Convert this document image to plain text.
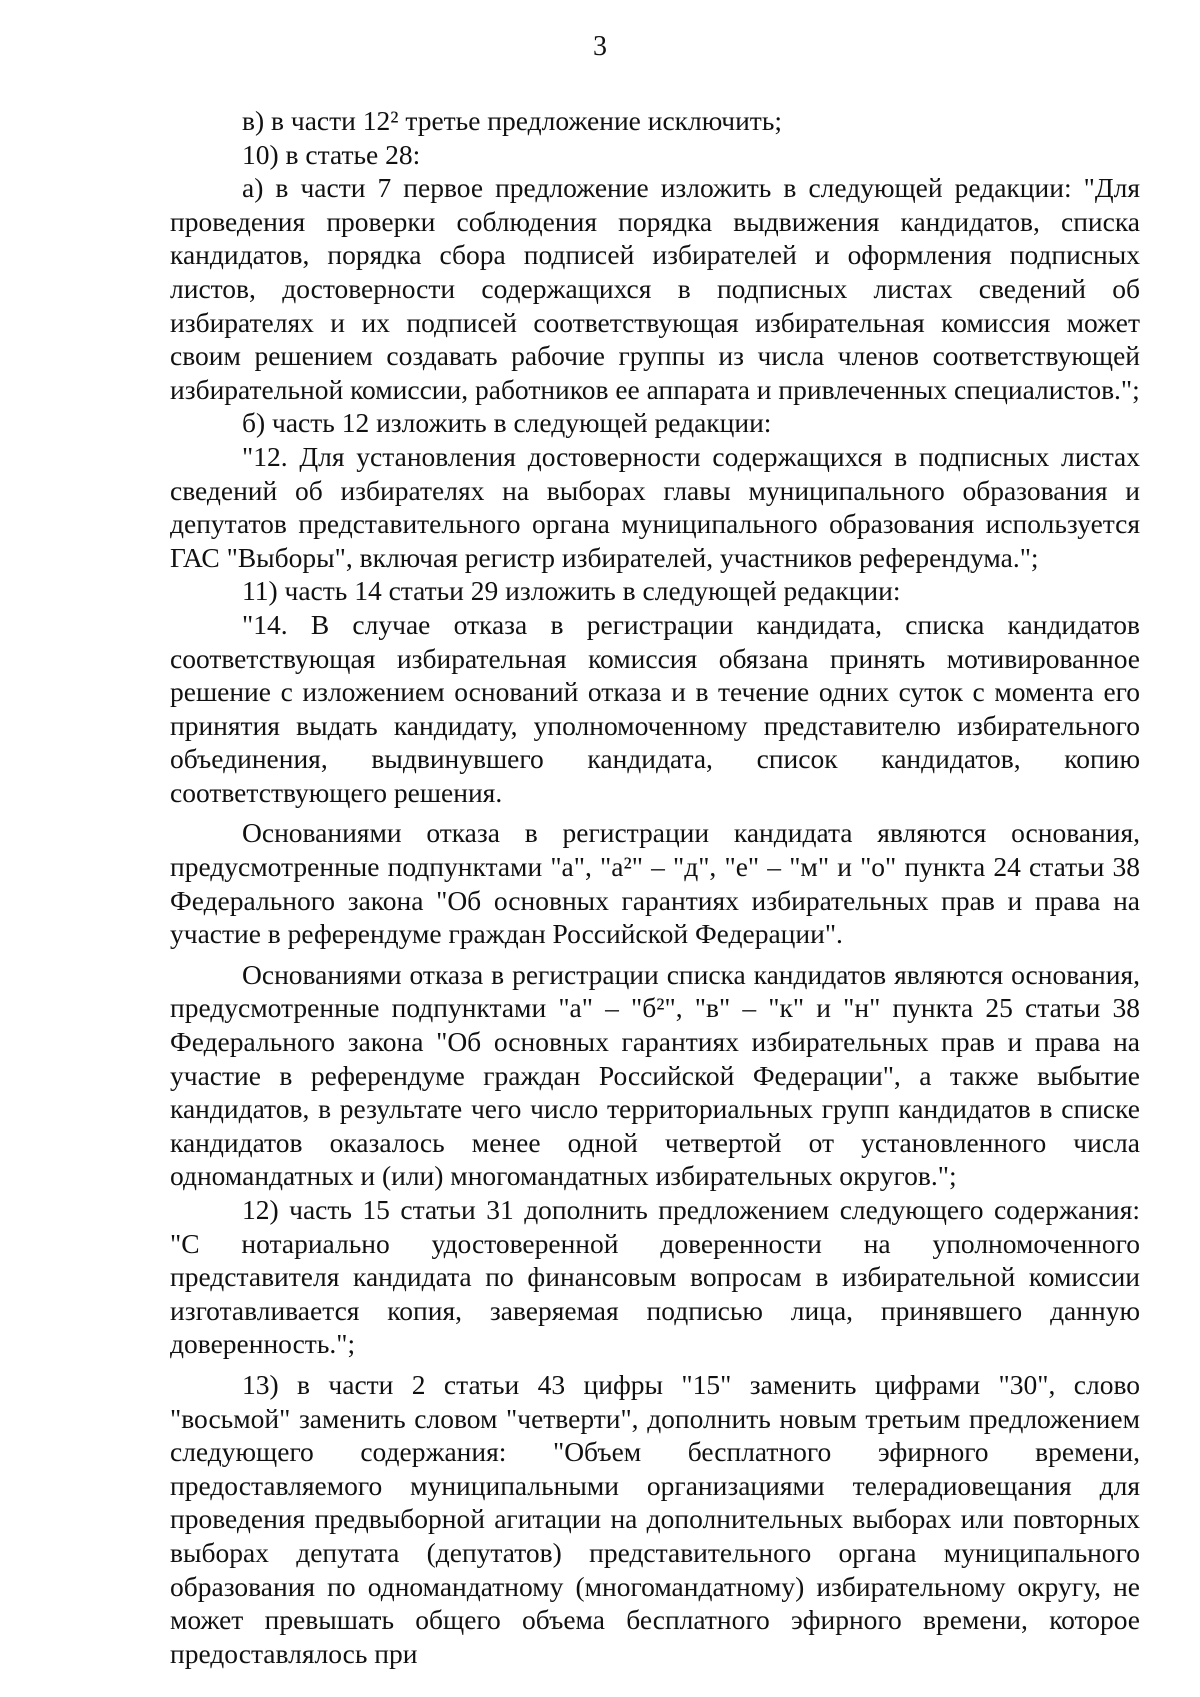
3

в) в части 12² третье предложение исключить;

10) в статье 28:

а) в части 7 первое предложение изложить в следующей редакции: "Для проведения проверки соблюдения порядка выдвижения кандидатов, списка кандидатов, порядка сбора подписей избирателей и оформления подписных листов, достоверности содержащихся в подписных листах сведений об избирателях и их подписей соответствующая избирательная комиссия может своим решением создавать рабочие группы из числа членов соответствующей избирательной комиссии, работников ее аппарата и привлеченных специалистов.";

б) часть 12 изложить в следующей редакции:

"12. Для установления достоверности содержащихся в подписных листах сведений об избирателях на выборах главы муниципального образования и депутатов представительного органа муниципального образования используется ГАС "Выборы", включая регистр избирателей, участников референдума.";

11) часть 14 статьи 29 изложить в следующей редакции:

"14. В случае отказа в регистрации кандидата, списка кандидатов соответствующая избирательная комиссия обязана принять мотивированное решение с изложением оснований отказа и в течение одних суток с момента его принятия выдать кандидату, уполномоченному представителю избирательного объединения, выдвинувшего кандидата, список кандидатов, копию соответствующего решения.

Основаниями отказа в регистрации кандидата являются основания, предусмотренные подпунктами "а", "а²" – "д", "е" – "м" и "о" пункта 24 статьи 38 Федерального закона "Об основных гарантиях избирательных прав и права на участие в референдуме граждан Российской Федерации".

Основаниями отказа в регистрации списка кандидатов являются основания, предусмотренные подпунктами "а" – "б²", "в" – "к" и "н" пункта 25 статьи 38 Федерального закона "Об основных гарантиях избирательных прав и права на участие в референдуме граждан Российской Федерации", а также выбытие кандидатов, в результате чего число территориальных групп кандидатов в списке кандидатов оказалось менее одной четвертой от установленного числа одномандатных и (или) многомандатных избирательных округов.";

12) часть 15 статьи 31 дополнить предложением следующего содержания: "С нотариально удостоверенной доверенности на уполномоченного представителя кандидата по финансовым вопросам в избирательной комиссии изготавливается копия, заверяемая подписью лица, принявшего данную доверенность.";

13) в части 2 статьи 43 цифры "15" заменить цифрами "30", слово "восьмой" заменить словом "четверти", дополнить новым третьим предложением следующего содержания: "Объем бесплатного эфирного времени, предоставляемого муниципальными организациями телерадиовещания для проведения предвыборной агитации на дополнительных выборах или повторных выборах депутата (депутатов) представительного органа муниципального образования по одномандатному (многомандатному) избирательному округу, не может превышать общего объема бесплатного эфирного времени, которое предоставлялось при
